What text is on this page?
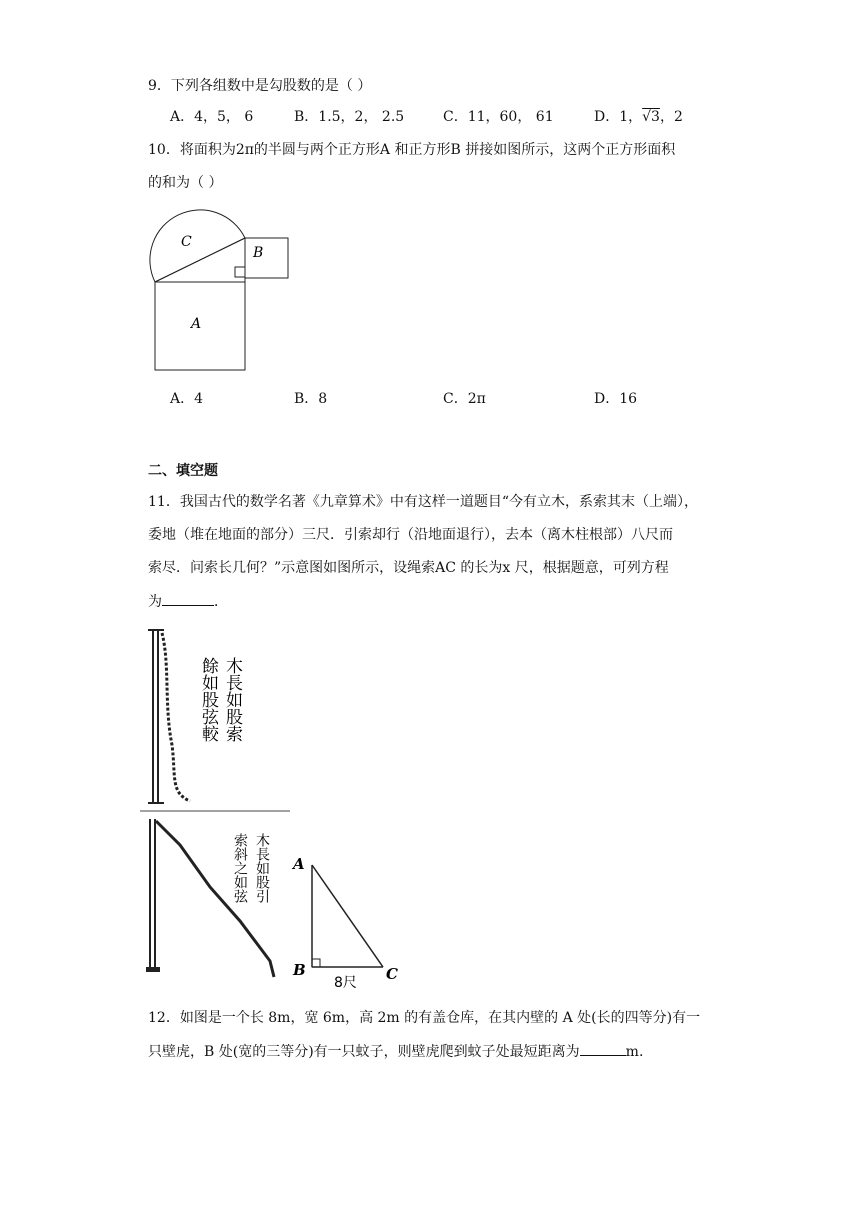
9．下列各组数中是勾股数的是（ ）
A．4，5， 6	B．1.5，2， 2.5	C．11，60， 61	D．1，√3，2
10．将面积为2π的半圆与两个正方形A 和正方形B 拼接如图所示，这两个正方形面积
的和为（ ）
C
B
A
A．4	B．8	C．2π	D．16
二、填空题
11．我国古代的数学名著《九章算术》中有这样一道题目“今有立木，系索其末（上端），
委地（堆在地面的部分）三尺．引索却行（沿地面退行），去本（离木柱根部）八尺而
索尽．问索长几何？”示意图如图所示，设绳索AC 的长为x 尺，根据题意，可列方程
为	．
木長如股索
餘如股弦較
木長如股引
索斜之如弦	A
B	C
8尺
12．如图是一个长 8m，宽 6m，高 2m 的有盖仓库，在其内壁的 A 处(长的四等分)有一
只壁虎，B 处(宽的三等分)有一只蚊子，则壁虎爬到蚊子处最短距离为	m.
